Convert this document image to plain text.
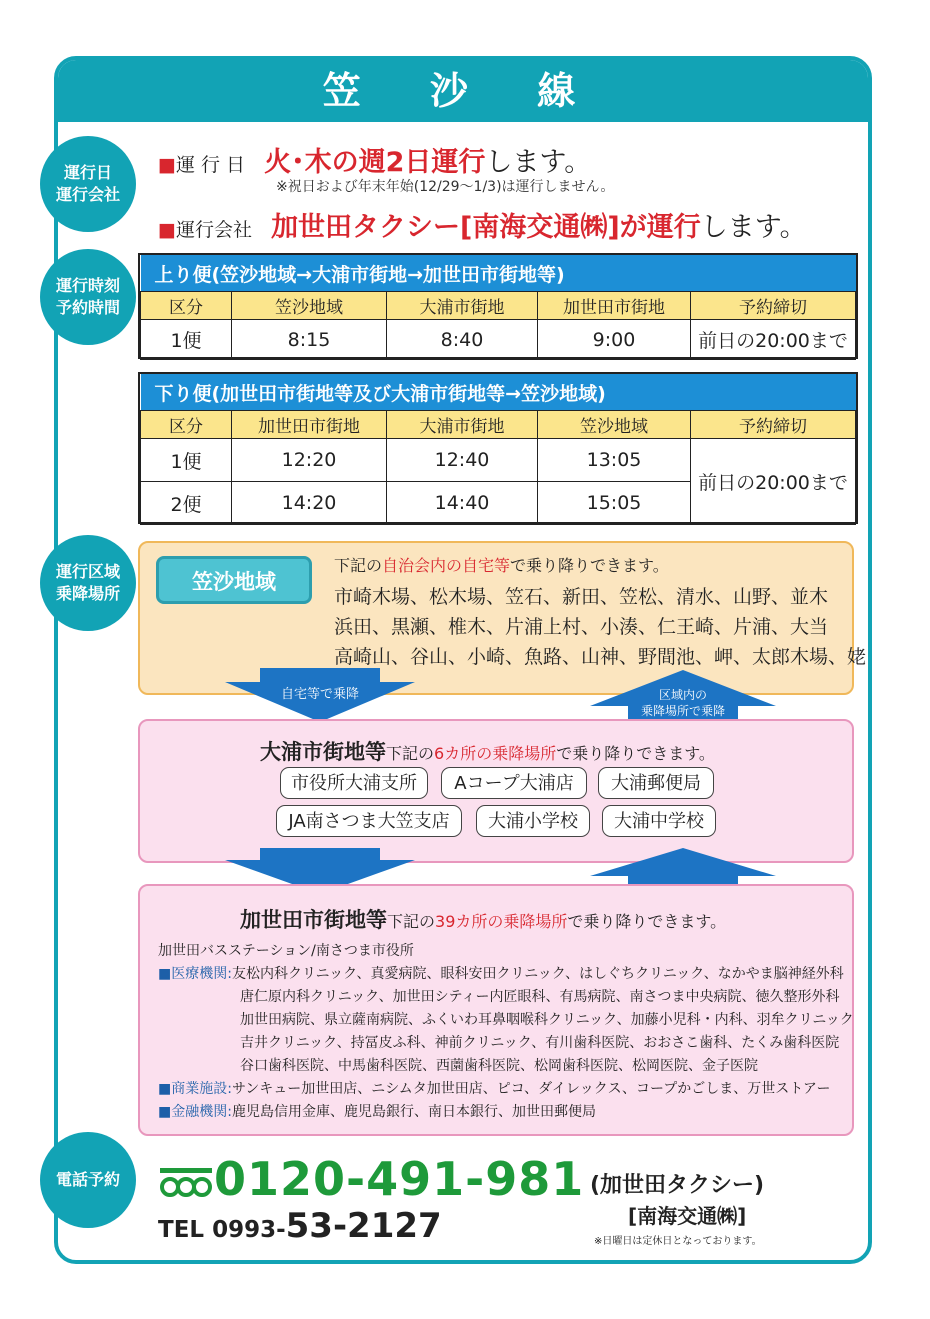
笠 沙 線
運行日
運行会社
運行時刻
予約時間
運行区域
乗降場所
電話予約
■運 行 日 火･木の週2日運行します。
※祝日および年末年始(12/29～1/3)は運行しません。
■運行会社 加世田タクシー[南海交通㈱]が運行します。
上り便(笠沙地域→大浦市街地→加世田市街地等)				
区分	笠沙地域	大浦市街地	加世田市街地	予約締切
1便	8:15	8:40	9:00	前日の20:00まで
下り便(加世田市街地等及び大浦市街地等→笠沙地域)				
区分	加世田市街地	大浦市街地	笠沙地域	予約締切
1便	12:20	12:40	13:05	前日の20:00まで
2便	14:20	14:40	15:05	
笠沙地域
下記の自治会内の自宅等で乗り降りできます。
市崎木場、松木場、笠石、新田、笠松、清水、山野、並木
浜田、黒瀬、椎木、片浦上村、小湊、仁王崎、片浦、大当
高崎山、谷山、小崎、魚路、山神、野間池、岬、太郎木場、姥
自宅等で乗降	区域内の
乗降場所で乗降
大浦市街地等下記の6カ所の乗降場所で乗り降りできます。
市役所大浦支所	Aコープ大浦店	大浦郵便局
JA南さつま大笠支店	大浦小学校	大浦中学校
加世田市街地等下記の39カ所の乗降場所で乗り降りできます。
加世田バスステーション/南さつま市役所
■医療機関:友松内科クリニック、真愛病院、眼科安田クリニック、はしぐちクリニック、なかやま脳神経外科
唐仁原内科クリニック、加世田シティー内匠眼科、有馬病院、南さつま中央病院、徳久整形外科
加世田病院、県立薩南病院、ふくいわ耳鼻咽喉科クリニック、加藤小児科・内科、羽牟クリニック
吉井クリニック、持冨皮ふ科、神前クリニック、有川歯科医院、おおさこ歯科、たくみ歯科医院
谷口歯科医院、中馬歯科医院、西薗歯科医院、松岡歯科医院、松岡医院、金子医院
■商業施設:サンキュー加世田店、ニシムタ加世田店、ピコ、ダイレックス、コープかごしま、万世ストアー
■金融機関:鹿児島信用金庫、鹿児島銀行、南日本銀行、加世田郵便局
0120-491-981 (加世田タクシー)
TEL 0993-53-2127	[南海交通㈱]
※日曜日は定休日となっております。
